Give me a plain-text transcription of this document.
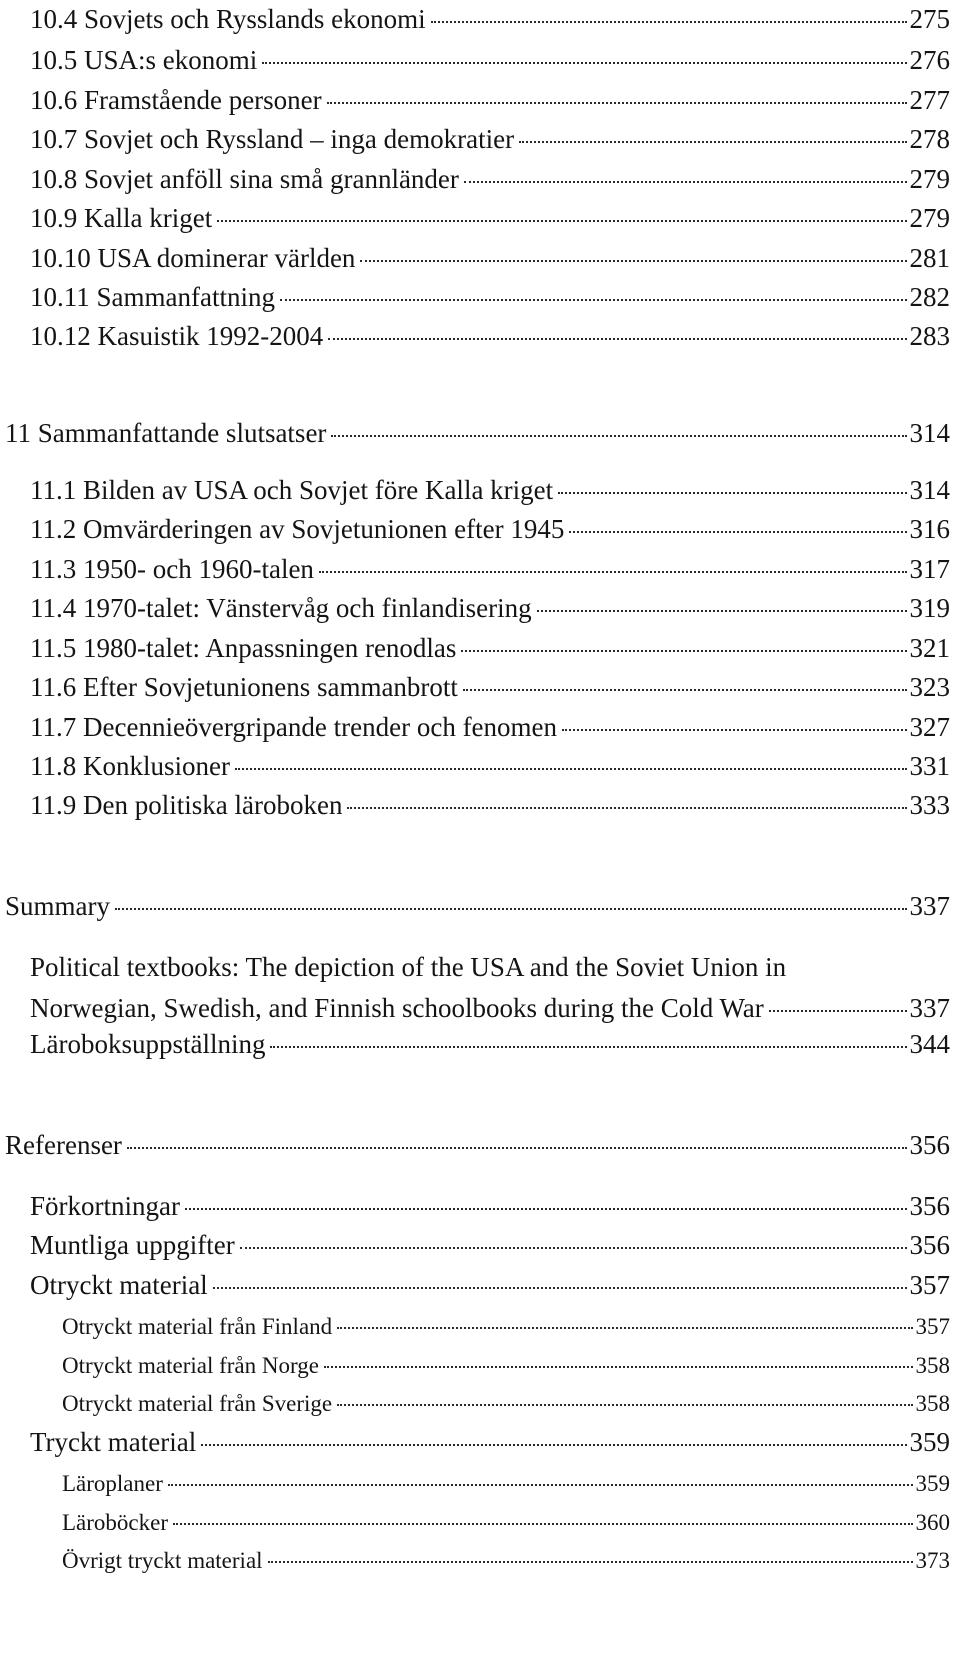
10.4 Sovjets och Rysslands ekonomi	275
10.5 USA:s ekonomi	276
10.6 Framstående personer	277
10.7 Sovjet och Ryssland – inga demokratier	278
10.8 Sovjet anföll sina små grannländer	279
10.9 Kalla kriget	279
10.10 USA dominerar världen	281
10.11 Sammanfattning	282
10.12 Kasuistik 1992-2004	283
11 Sammanfattande slutsatser	314
11.1 Bilden av USA och Sovjet före Kalla kriget	314
11.2 Omvärderingen av Sovjetunionen efter 1945	316
11.3 1950- och 1960-talen	317
11.4 1970-talet: Vänstervåg och finlandisering	319
11.5 1980-talet: Anpassningen renodlas	321
11.6 Efter Sovjetunionens sammanbrott	323
11.7 Decennieövergripande trender och fenomen	327
11.8 Konklusioner	331
11.9 Den politiska läroboken	333
Summary	337
Political textbooks: The depiction of the USA and the Soviet Union in
Norwegian, Swedish, and Finnish schoolbooks during the Cold War	337
Läroboksuppställning	344
Referenser	356
Förkortningar	356
Muntliga uppgifter	356
Otryckt material	357
Otryckt material från Finland	357
Otryckt material från Norge	358
Otryckt material från Sverige	358
Tryckt material	359
Läroplaner	359
Läroböcker	360
Övrigt tryckt material	373
